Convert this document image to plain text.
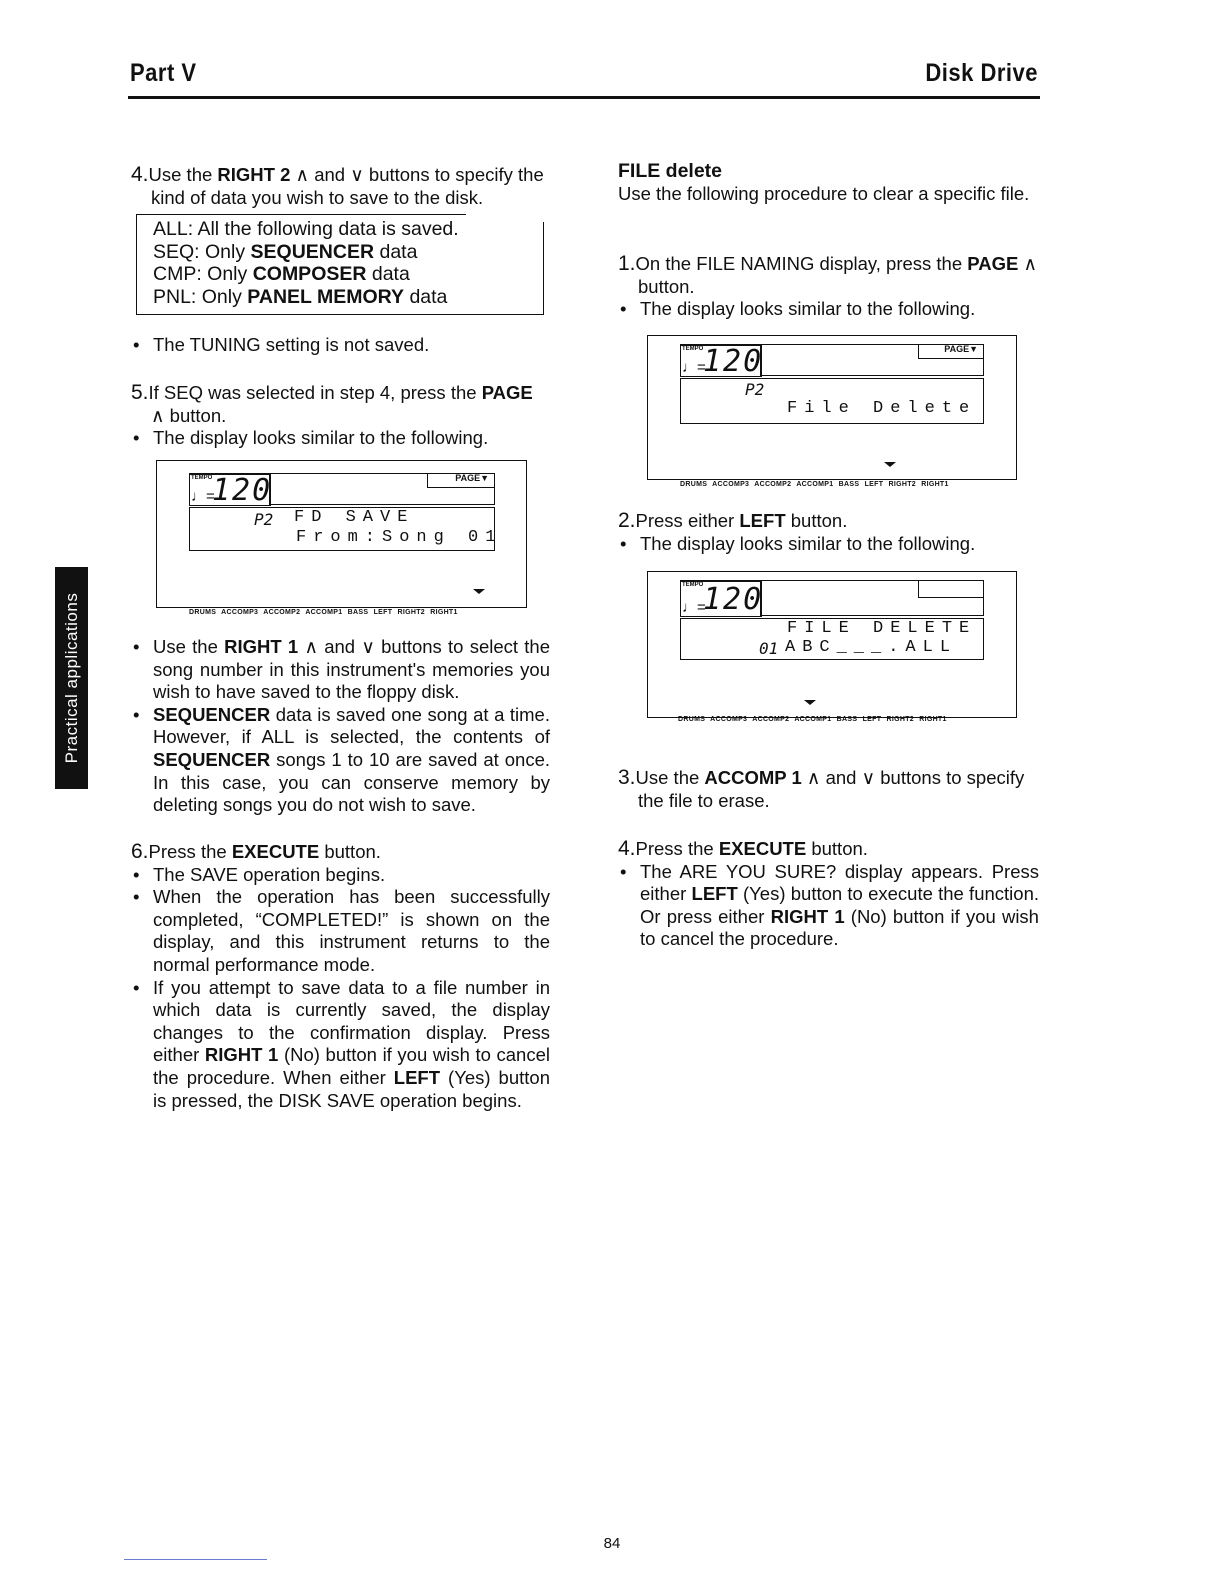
Part V	Disk Drive
Practical applications

4.Use the RIGHT 2 ∧ and ∨ buttons to specify the kind of data you wish to save to the disk.

ALL: All the following data is saved.
SEQ: Only SEQUENCER data
CMP: Only COMPOSER data
PNL: Only PANEL MEMORY data

• The TUNING setting is not saved.

5.If SEQ was selected in step 4, press the PAGE ∧ button.

• The display looks similar to the following.

TEMPO
♩=
120	PAGE▼
P2 FD SAVE
From:Song 01
DRUMS ACCOMP3 ACCOMP2 ACCOMP1 BASS LEFT RIGHT2 RIGHT1

• Use the RIGHT 1 ∧ and ∨ buttons to select the song number in this instrument's memories you wish to have saved to the floppy disk.

• SEQUENCER data is saved one song at a time. However, if ALL is selected, the contents of SEQUENCER songs 1 to 10 are saved at once. In this case, you can conserve memory by deleting songs you do not wish to save.

6.Press the EXECUTE button.

• The SAVE operation begins.

• When the operation has been successfully completed, “COMPLETED!” is shown on the display, and this instrument returns to the normal performance mode.

• If you attempt to save data to a file number in which data is currently saved, the display changes to the confirmation display. Press either RIGHT 1 (No) button if you wish to cancel the procedure. When either LEFT (Yes) button is pressed, the DISK SAVE operation begins.

FILE delete

Use the following procedure to clear a specific file.

1.On the FILE NAMING display, press the PAGE ∧ button.

• The display looks similar to the following.

TEMPO
♩=
120	PAGE▼
P2
File Delete
DRUMS ACCOMP3 ACCOMP2 ACCOMP1 BASS LEFT RIGHT2 RIGHT1

2.Press either LEFT button.

• The display looks similar to the following.

TEMPO
♩=
120
FILE DELETE
01 ABC___.ALL
DRUMS ACCOMP3 ACCOMP2 ACCOMP1 BASS LEFT RIGHT2 RIGHT1

3.Use the ACCOMP 1 ∧ and ∨ buttons to specify the file to erase.

4.Press the EXECUTE button.

• The ARE YOU SURE? display appears. Press either LEFT (Yes) button to execute the function. Or press either RIGHT 1 (No) button if you wish to cancel the procedure.

84
